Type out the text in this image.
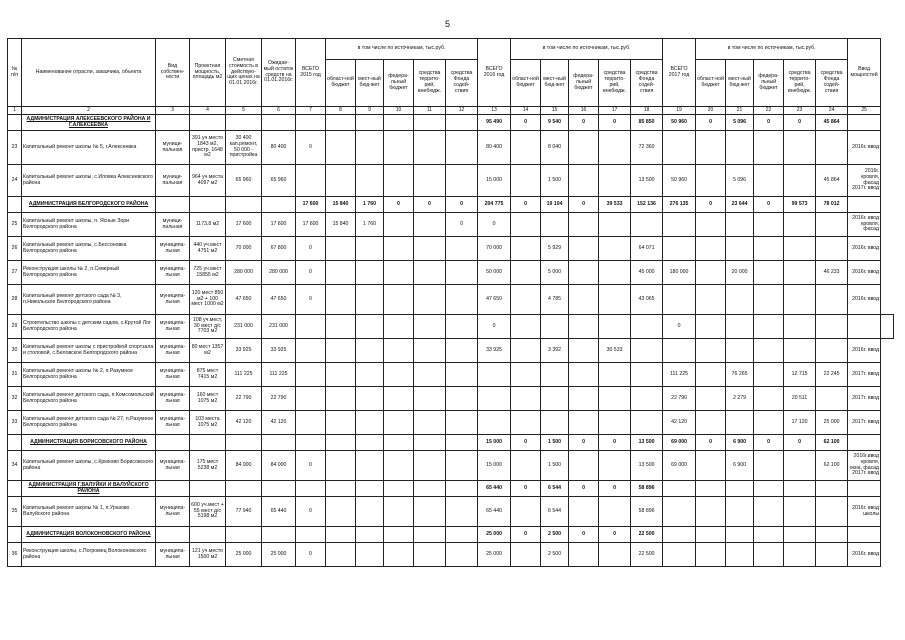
5
№ п/п	Наименование отрасли, заказчика, объекта	Вид собствен-ности	Проектная мощность, площадь м2	Сметная стоимость в действую-щих ценах на 01.01.2016г.	Ожидае-мый остаток средств на 01.01.2016г.	ВСЕГО 2015 год	в том числе по источникам, тыс.руб.					ВСЕГО 2016 год	в том числе по источникам, тыс.руб.					ВСЕГО 2017 год	в том числе по источникам, тыс.руб.					Ввод мощностей	
							област-ной бюджет	мест-ный бюд-жет	федера-льный бюджет	средства террито-рий, внебюдж.	средства Фонда содей-ствия		област-ной бюджет	мест-ный бюд-жет	федера-льный бюджет	средства террито-рий, внебюдж.	средства Фонда содей-ствия		област-ной бюджет	мест-ный бюд-жет	федера-льный бюджет	средства террито-рий, внебюдж.	средства Фонда содей-ствия		
1	2	3	4	5	6	7	8	9	10	11	12	13	14	15	16	17	18	19	20	21	22	23	24	25	
	АДМИНИСТРАЦИЯ АЛЕКСЕЕВСКОГО РАЙОНА И Г.АЛЕКСЕЕВКА											95 490	0	9 540	0	0	85 850	50 960	0	5 096	0	0	45 864		
23	Капитальный ремонт школы № 5, г.Алексеевка	муници-пальная	391 уч.место 1843 м2, пристр. 1648 м2	30 400 кап.ремонт, 50 000 - пристройка	80 400	0						80 400		8 040			72 360							2016г. ввод	
24	Капитальный ремонт школы, с.Иловка Алексеевского района	муници-пальная	964 уч.места 4097 м2	65 960	65 960							15 000		1 500			13 500	50 960		5 096			45 864	2016г. кровля, фасад 2017г. ввод	
	АДМИНИСТРАЦИЯ БЕЛГОРОДСКОГО РАЙОНА					17 600	15 840	1 760	0	0	0	204 775	0	19 104	0	39 533	152 136	276 135	0	23 644	0	99 573	78 012		
25	Капитальный ремонт школы, п. Ясные Зори Белгородского района	муници-пальная	1173,8 м2	17 600	17 600	17 600	15 840	1 760			0	0												2016г. ввод кровля, фасад	
26	Капитальный ремонт школы, с.Бессоновка Белгородского района	муниципа-льная	440 уч.мест 4751 м2	70 000	67 800	0						70 000		5 929			64 071							2016г. ввод	
27	Реконструкция школы № 2, п.Северный Белгородского района	муниципа-льная	725 уч.мест 15855 м2	280 000	280 000	0						50 000		5 000			45 000	180 000		20 000			46 233	2016г. ввод	
28	Капитальный ремонт детского сада № 3, п.Никольское Белгородского района	муниципа-льная	120 мест 850 м2 + 100 мест 1000 м2	47 650	47 650	0						47 650		4 785			43 065							2016г. ввод	
29	Строительство школы с детским садом, с.Крутой Лог Белгородского района	муниципа-льная	108 уч.мест, 30 мест д/с 7703 м2	231 000	231 000							0						0							
30	Капитальный ремонт школы с пристройкой спортзала и столовой, с.Беловское Белгородского района	муниципа-льная	80 мест 1357 м2	33 925	33 925							33 925		3 392		30 533								2016г. ввод	
31	Капитальный ремонт школы № 2, п.Разумное Белгородского района	муниципа-льная	875 мест 7415 м2	111 225	111 225													111 225		76 265		12 715	22 245	2017г. ввод	
32	Капитальный ремонт детского сада, п.Комсомольский Белгородского района	муниципа-льная	160 мест 1075 м2	22 790	22 790													22 790		2 279		20 511		2017г. ввод	
33	Капитальный ремонт детского сада № 27, п.Разумное Белгородского района	муниципа-льная	103 места 1075 м2	42 120	42 120													42 120				17 120	25 000	2017г. ввод	
	АДМИНИСТРАЦИЯ БОРИСОВСКОГО РАЙОНА											15 000	0	1 500	0	0	13 500	69 000	0	6 900	0	0	62 100		
34	Капитальный ремонт школы, с.Крюково Борисовского района	муниципа-льная	175 мест 5238 м2	84 000	84 000	0						15 000		1 500			13 500	69 000		6 900			62 100	2016г.ввод кровля, окна, фасад 2017г. ввод	
	АДМИНИСТРАЦИЯ Г.ВАЛУЙКИ И ВАЛУЙСКОГО РАЙОНА											65 440	0	6 544	0	0	58 896								
35	Капитальный ремонт школы № 1, п.Уразово Валуйского района	муниципа-льная	600 уч.мест + 55 мест д/с 5198 м2	77 940	65 440	0						65 440		6 544			58 896							2016г. ввод школы	
	АДМИНИСТРАЦИЯ ВОЛОКОНОВСКОГО РАЙОНА											25 000	0	2 500	0	0	22 500								
36	Реконструкция школы, с.Погромец Волоконовского района	муниципа-льная	121 уч.место 1500 м2	25 000	25 000	0						25 000		2 500			22 500							2016г. ввод	
